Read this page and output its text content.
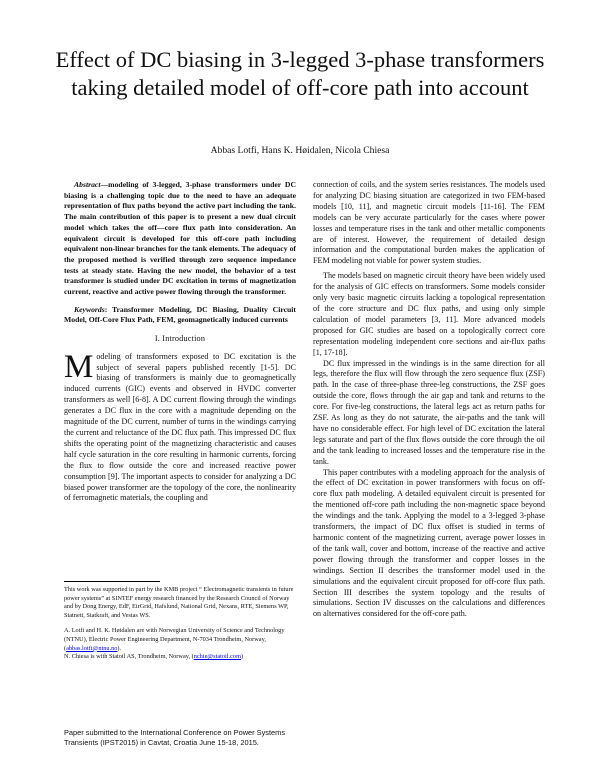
Effect of DC biasing in 3-legged 3-phase transformers taking detailed model of off-core path into account
Abbas Lotfi, Hans K. Høidalen, Nicola Chiesa

Abstract—modeling of 3-legged, 3-phase transformers under DC biasing is a challenging topic due to the need to have an adequate representation of flux paths beyond the active part including the tank. The main contribution of this paper is to present a new dual circuit model which takes the off—core flux path into consideration. An equivalent circuit is developed for this off-core path including equivalent non-linear branches for the tank elements. The adequacy of the proposed method is verified through zero sequence impedance tests at steady state. Having the new model, the behavior of a test transformer is studied under DC excitation in terms of magnetization current, reactive and active power flowing through the transformer.

Keywords: Transformer Modeling, DC Biasing, Duality Circuit Model, Off-Core Flux Path, FEM, geomagnetically induced currents

I. Introduction

Modeling of transformers exposed to DC excitation is the subject of several papers published recently [1-5]. DC biasing of transformers is mainly due to geomagnetically induced currents (GIC) events and observed in HVDC converter transformers as well [6-8]. A DC current flowing through the windings generates a DC flux in the core with a magnitude depending on the magnitude of the DC current, number of turns in the windings carrying the current and reluctance of the DC flux path. This impressed DC flux shifts the operating point of the magnetizing characteristic and causes half cycle saturation in the core resulting in harmonic currents, forcing the flux to flow outside the core and increased reactive power consumption [9]. The important aspects to consider for analyzing a DC biased power transformer are the topology of the core, the nonlinearity of ferromagnetic materials, the coupling and

This work was supported in part by the KMB project “ Electromagnetic transients in future power systems” at SINTEF energy research financed by the Research Council of Norway and by Dong Energy, EdF, EirGrid, Hafslund, National Grid, Nexans, RTE, Siemens WP, Statnett, Statkraft, and Vestas WS.

A. Lotfi and H. K. Høidalen are with Norwegian University of Science and Technology (NTNU), Electric Power Engineering Department, N-7034 Trondheim, Norway, (abbas.lotfi@ntnu.no).

N. Chiesa is with Statoil AS, Trondheim, Norway, (nchie@statoil.com)

Paper submitted to the International Conference on Power Systems Transients (IPST2015) in Cavtat, Croatia June 15-18, 2015.

connection of coils, and the system series resistances. The models used for analyzing DC biasing situation are categorized in two FEM-based models [10, 11], and magnetic circuit models [11-16]. The FEM models can be very accurate particularly for the cases where power losses and temperature rises in the tank and other metallic components are of interest. However, the requirement of detailed design information and the computational burden makes the application of FEM modeling not viable for power system studies.

The models based on magnetic circuit theory have been widely used for the analysis of GIC effects on transformers. Some models consider only very basic magnetic circuits lacking a topological representation of the core structure and DC flux paths, and using only simple calculation of model parameters [3, 11]. More advanced models proposed for GIC studies are based on a topologically correct core representation modeling independent core sections and air-flux paths [1, 17-18].

DC flux impressed in the windings is in the same direction for all legs, therefore the flux will flow through the zero sequence flux (ZSF) path. In the case of three-phase three-leg constructions, the ZSF goes outside the core, flows through the air gap and tank and returns to the core. For five-leg constructions, the lateral legs act as return paths for ZSF. As long as they do not saturate, the air-paths and the tank will have no considerable effect. For high level of DC excitation the lateral legs saturate and part of the flux flows outside the core through the oil and the tank leading to increased losses and the temperature rise in the tank.

This paper contributes with a modeling approach for the analysis of the effect of DC excitation in power transformers with focus on off-core flux path modeling. A detailed equivalent circuit is presented for the mentioned off-core path including the non-magnetic space beyond the windings and the tank. Applying the model to a 3-legged 3-phase transformers, the impact of DC flux offset is studied in terms of harmonic content of the magnetizing current, average power losses in of the tank wall, cover and bottom, increase of the reactive and active power flowing through the transformer and copper losses in the windings. Section II describes the transformer model used in the simulations and the equivalent circuit proposed for off-core flux path. Section III describes the system topology and the results of simulations. Section IV discusses on the calculations and differences on alternatives considered for the off-core path.
